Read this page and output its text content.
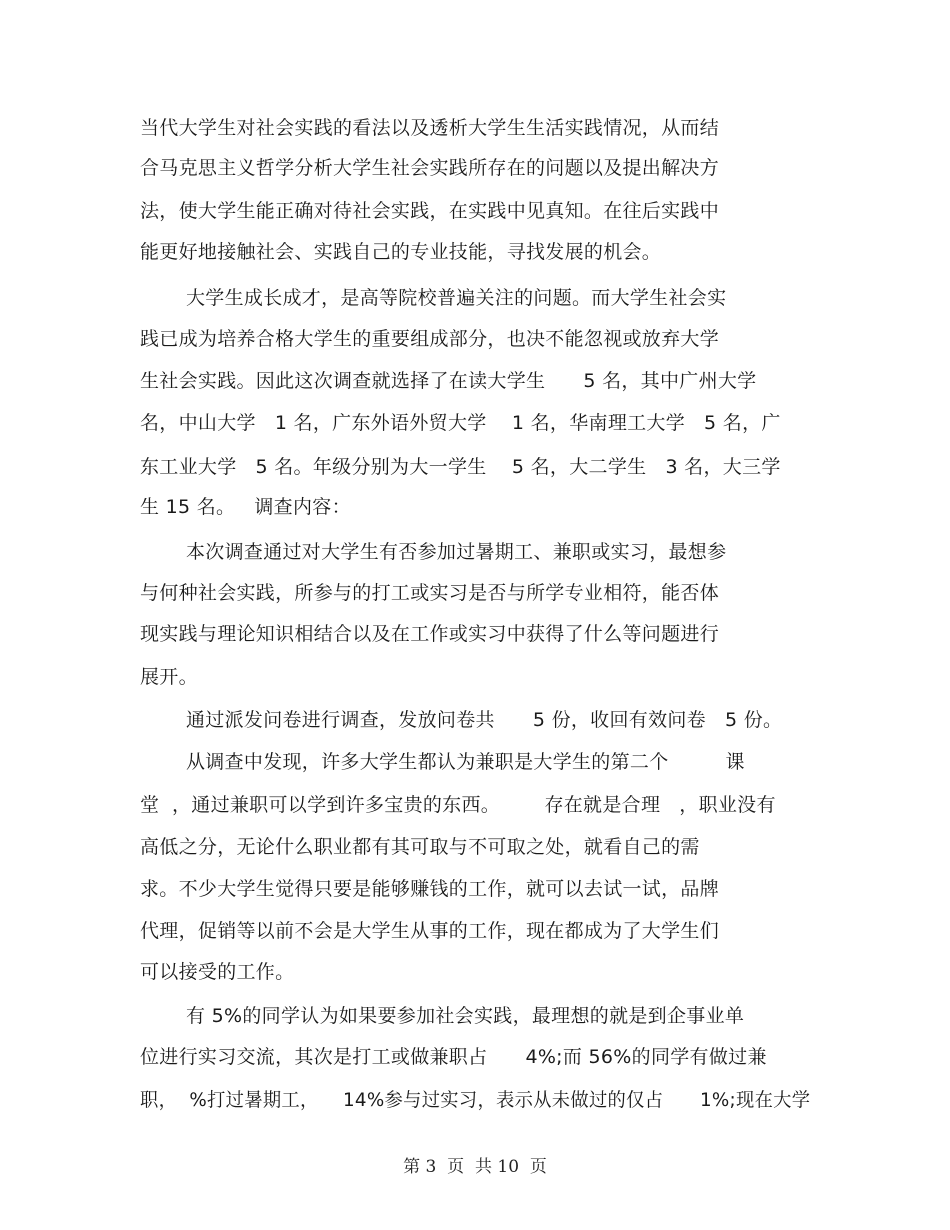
当代大学生对社会实践的看法以及透析大学生生活实践情况，从而结
合马克思主义哲学分析大学生社会实践所存在的问题以及提出解决方
法，使大学生能正确对待社会实践，在实践中见真知。在往后实践中
能更好地接触社会、实践自己的专业技能，寻找发展的机会。
大学生成长成才，是高等院校普遍关注的问题。而大学生社会实
践已成为培养合格大学生的重要组成部分，也决不能忽视或放弃大学
生社会实践。因此这次调查就选择了在读大学生      5 名，其中广州大学
名，中山大学   1 名，广东外语外贸大学    1 名，华南理工大学   5 名，广
东工业大学   5 名。年级分别为大一学生    5 名，大二学生   3 名，大三学
生 15 名。   调查内容：
本次调查通过对大学生有否参加过暑期工、兼职或实习，最想参
与何种社会实践，所参与的打工或实习是否与所学专业相符，能否体
现实践与理论知识相结合以及在工作或实习中获得了什么等问题进行
展开。
通过派发问卷进行调查，发放问卷共      5 份，收回有效问卷   5 份。
从调查中发现，许多大学生都认为兼职是大学生的第二个         课
堂  ，通过兼职可以学到许多宝贵的东西。       存在就是合理   ，职业没有
高低之分，无论什么职业都有其可取与不可取之处，就看自己的需
求。不少大学生觉得只要是能够赚钱的工作，就可以去试一试，品牌
代理，促销等以前不会是大学生从事的工作，现在都成为了大学生们
可以接受的工作。
有 5%的同学认为如果要参加社会实践，最理想的就是到企事业单
位进行实习交流，其次是打工或做兼职占      4%;而 56%的同学有做过兼
职，  %打过暑期工，    14%参与过实习，表示从未做过的仅占      1%;现在大学
第 3  页  共 10  页
